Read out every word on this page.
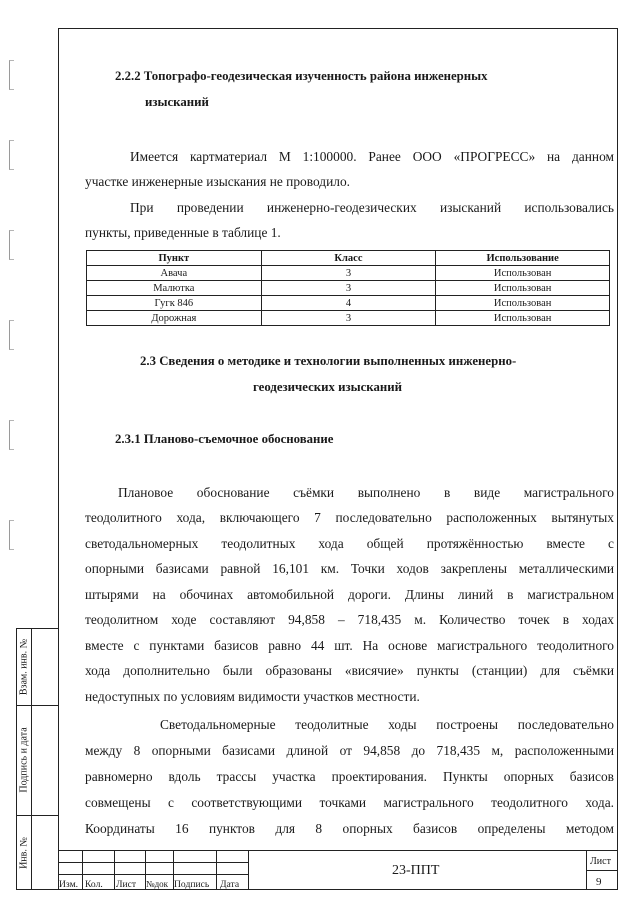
Взам. инв. №
Подпись и дата
Инв. №
2.2.2 Топографо-геодезическая изученность района инженерных
изысканий
Имеется картматериал М 1:100000. Ранее ООО «ПРОГРЕСС» на данном
участке инженерные изыскания не проводило.
При проведении инженерно-геодезических изысканий использовались
пункты, приведенные в таблице 1.
Пункт	Класс	Использование
Авача	3	Использован
Малютка	3	Использован
Гугк 846	4	Использован
Дорожная	3	Использован
2.3 Сведения о методике и технологии выполненных инженерно-
геодезических изысканий
2.3.1 Планово-съемочное обоснование
Плановое обоснование съёмки выполнено в виде магистрального
теодолитного хода, включающего 7 последовательно расположенных вытянутых
светодальномерных теодолитных хода общей протяжённостью вместе с
опорными базисами равной 16,101 км. Точки ходов закреплены металлическими
штырями на обочинах автомобильной дороги. Длины линий в магистральном
теодолитном ходе составляют 94,858 – 718,435 м. Количество точек в ходах
вместе с пунктами базисов равно 44 шт. На основе магистрального теодолитного
хода дополнительно были образованы «висячие» пункты (станции) для съёмки
недоступных по условиям видимости участков местности.
Светодальномерные теодолитные ходы построены последовательно
между 8 опорными базисами длиной от 94,858 до 718,435 м, расположенными
равномерно вдоль трассы участка проектирования. Пункты опорных базисов
совмещены с соответствующими точками магистрального теодолитного хода.
Координаты 16 пунктов для 8 опорных базисов определены методом
Изм. Кол. Лист №док Подпись Дата
23-ППТ
Лист
9
